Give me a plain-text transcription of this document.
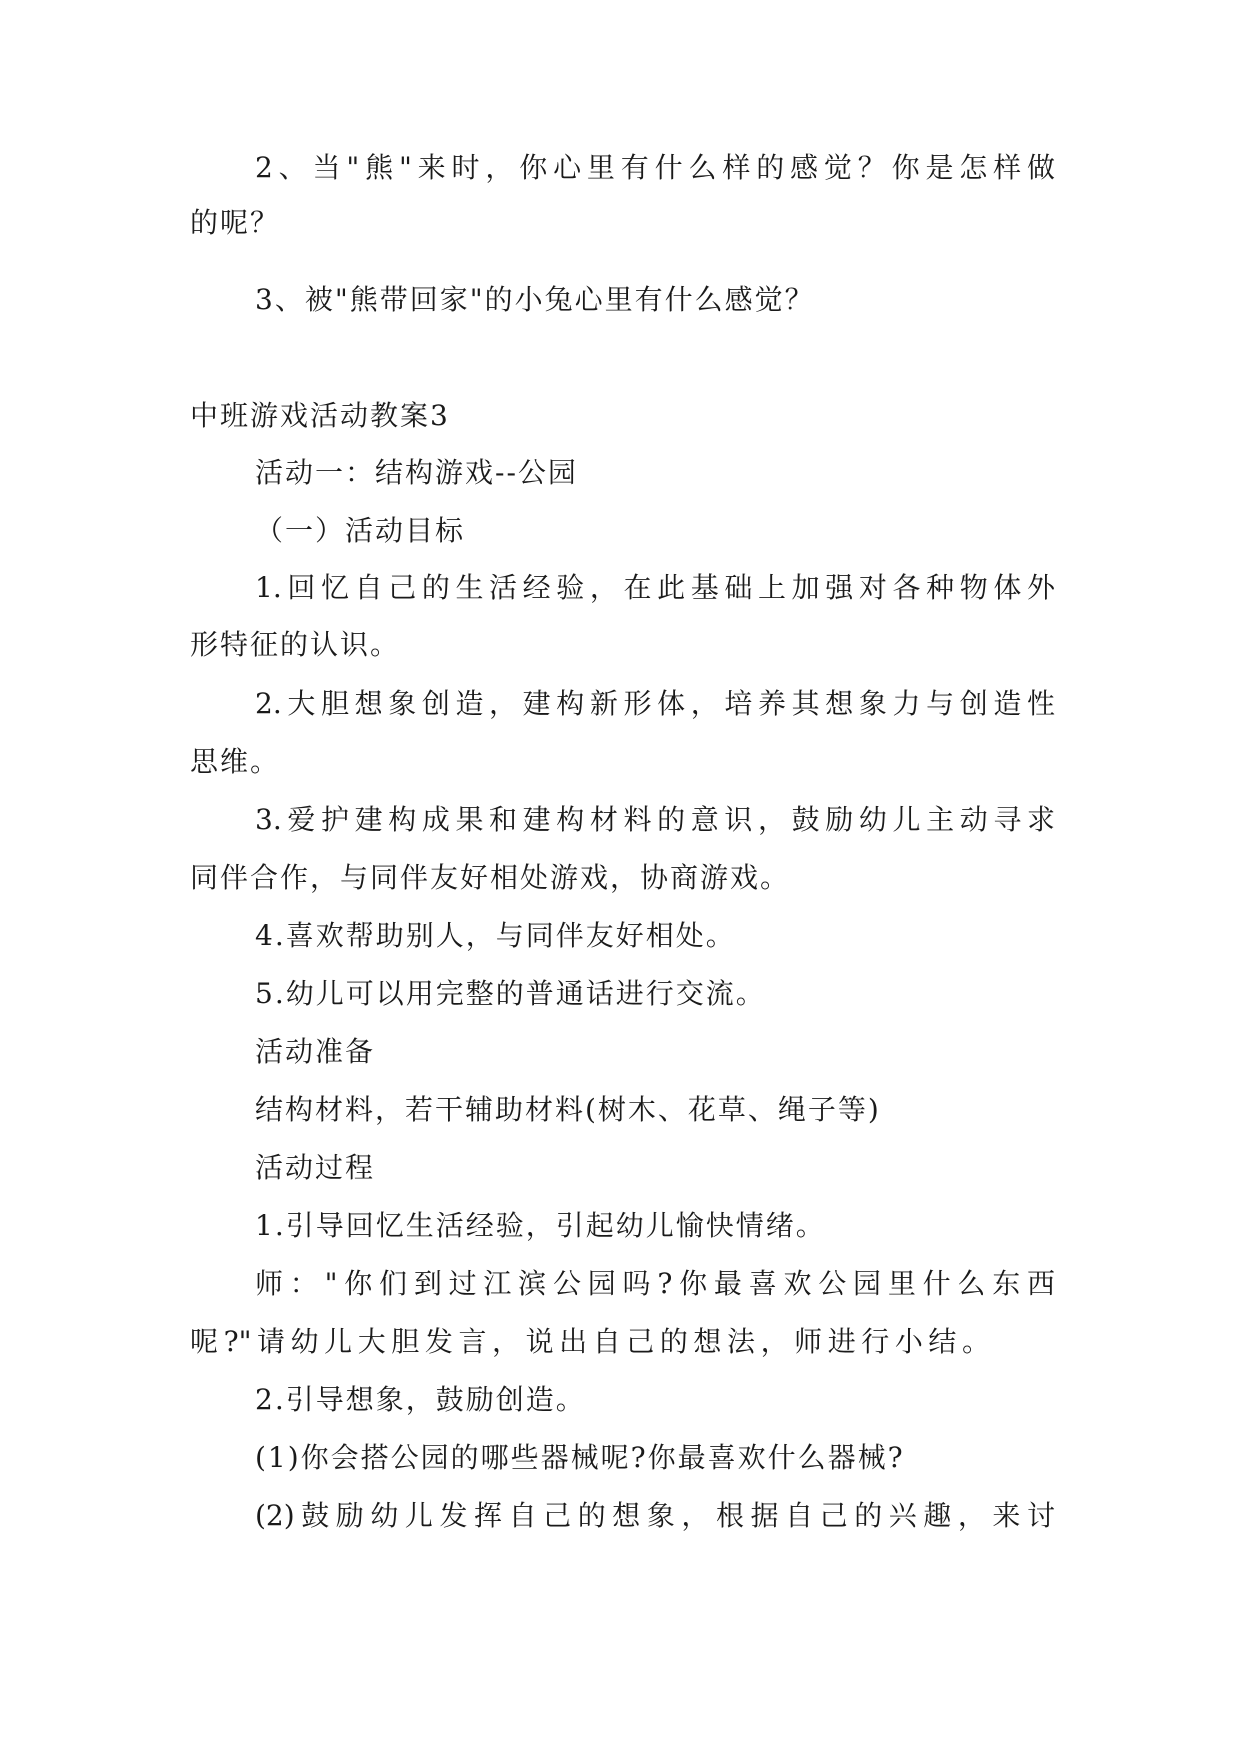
2、当"熊"来时，你心里有什么样的感觉？你是怎样做
的呢？
3、被"熊带回家"的小兔心里有什么感觉？
中班游戏活动教案3
活动一：结构游戏--公园
（一）活动目标
1.回忆自己的生活经验，在此基础上加强对各种物体外
形特征的认识。
2.大胆想象创造，建构新形体，培养其想象力与创造性
思维。
3.爱护建构成果和建构材料的意识，鼓励幼儿主动寻求
同伴合作，与同伴友好相处游戏，协商游戏。
4.喜欢帮助别人，与同伴友好相处。
5.幼儿可以用完整的普通话进行交流。
活动准备
结构材料，若干辅助材料(树木、花草、绳子等)
活动过程
1.引导回忆生活经验，引起幼儿愉快情绪。
师："你们到过江滨公园吗?你最喜欢公园里什么东西
呢?"请幼儿大胆发言，说出自己的想法，师进行小结。
2.引导想象，鼓励创造。
(1)你会搭公园的哪些器械呢?你最喜欢什么器械?
(2)鼓励幼儿发挥自己的想象，根据自己的兴趣，来讨
